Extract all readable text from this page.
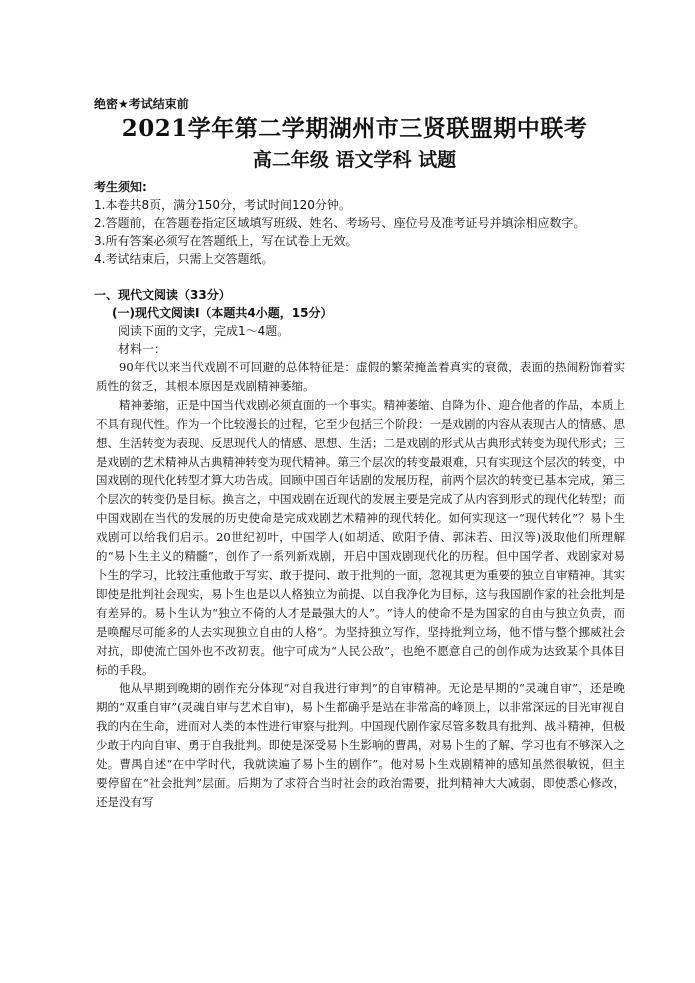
绝密★考试结束前
2021学年第二学期湖州市三贤联盟期中联考
高二年级 语文学科 试题
考生须知:

1.本卷共8页，满分150分，考试时间120分钟。

2.答题前，在答题卷指定区域填写班级、姓名、考场号、座位号及准考证号并填涂相应数字。

3.所有答案必须写在答题纸上，写在试卷上无效。

4.考试结束后，只需上交答题纸。

一、现代文阅读（33分）
(一)现代文阅读Ⅰ（本题共4小题，15分）
阅读下面的文字，完成1～4题。
材料一：

90年代以来当代戏剧不可回避的总体特征是：虚假的繁荣掩盖着真实的衰微，表面的热闹粉饰着实质性的贫乏，其根本原因是戏剧精神萎缩。

精神萎缩，正是中国当代戏剧必须直面的一个事实。精神萎缩、自降为仆、迎合他者的作品，本质上不具有现代性。作为一个比较漫长的过程，它至少包括三个阶段：一是戏剧的内容从表现古人的情感、思想、生活转变为表现、反思现代人的情感、思想、生活；二是戏剧的形式从古典形式转变为现代形式；三是戏剧的艺术精神从古典精神转变为现代精神。第三个层次的转变最艰难，只有实现这个层次的转变，中国戏剧的现代化转型才算大功告成。回顾中国百年话剧的发展历程，前两个层次的转变已基本完成，第三个层次的转变仍是目标。换言之，中国戏剧在近现代的发展主要是完成了从内容到形式的现代化转型；而中国戏剧在当代的发展的历史使命是完成戏剧艺术精神的现代转化。如何实现这一“现代转化”？易卜生戏剧可以给我们启示。20世纪初叶，中国学人(如胡适、欧阳予倩、郭沫若、田汉等)汲取他们所理解的“易卜生主义的精髓”，创作了一系列新戏剧，开启中国戏剧现代化的历程。但中国学者、戏剧家对易卜生的学习，比较注重他敢于写实、敢于提问、敢于批判的一面，忽视其更为重要的独立自审精神。其实即使是批判社会现实，易卜生也是以人格独立为前提、以自我净化为目标，这与我国剧作家的社会批判是有差异的。易卜生认为“独立不倚的人才是最强大的人”。“诗人的使命不是为国家的自由与独立负责，而是唤醒尽可能多的人去实现独立自由的人格”。为坚持独立写作，坚持批判立场，他不惜与整个挪威社会对抗，即使流亡国外也不改初衷。他宁可成为“人民公敌”，也绝不愿意自己的创作成为达致某个具体目标的手段。

他从早期到晚期的剧作充分体现“对自我进行审判”的自审精神。无论是早期的“灵魂自审”，还是晚期的“双重自审”(灵魂自审与艺术自审)，易卜生都确乎是站在非常高的峰顶上，以非常深远的目光审视自我的内在生命，进而对人类的本性进行审察与批判。中国现代剧作家尽管多数具有批判、战斗精神，但极少敢于内向自审、勇于自我批判。即使是深受易卜生影响的曹禺，对易卜生的了解、学习也有不够深入之处。曹禺自述“在中学时代，我就读遍了易卜生的剧作”。他对易卜生戏剧精神的感知虽然很敏锐，但主要停留在“社会批判”层面。后期为了求符合当时社会的政治需要，批判精神大大减弱，即使悉心修改，还是没有写
